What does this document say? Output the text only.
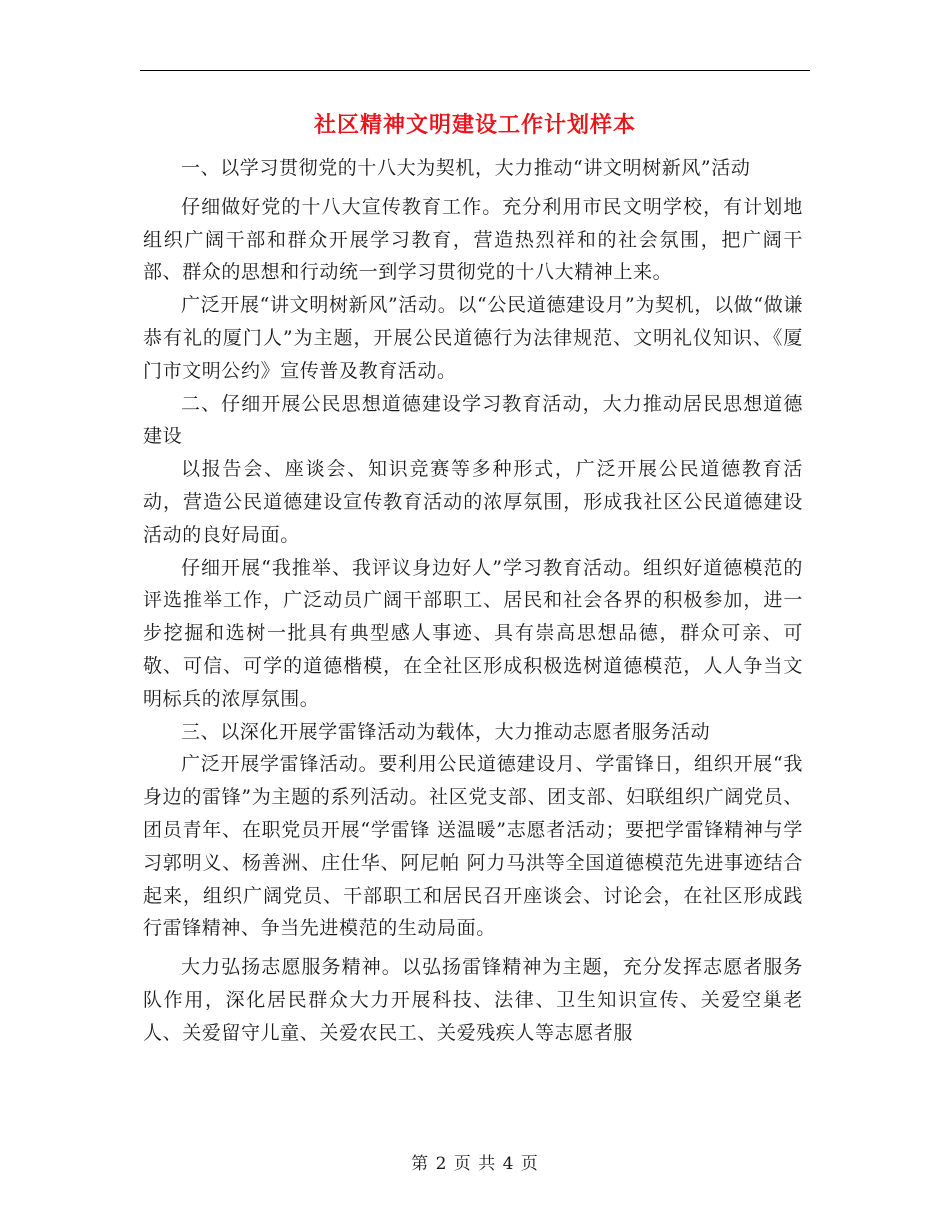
社区精神文明建设工作计划样本

一、以学习贯彻党的十八大为契机，大力推动“讲文明树新风”活动

仔细做好党的十八大宣传教育工作。充分利用市民文明学校，有计划地组织广阔干部和群众开展学习教育，营造热烈祥和的社会氛围，把广阔干部、群众的思想和行动统一到学习贯彻党的十八大精神上来。

广泛开展“讲文明树新风”活动。以“公民道德建设月”为契机，以做“做谦恭有礼的厦门人”为主题，开展公民道德行为法律规范、文明礼仪知识、《厦门市文明公约》宣传普及教育活动。

二、仔细开展公民思想道德建设学习教育活动，大力推动居民思想道德建设

以报告会、座谈会、知识竞赛等多种形式，广泛开展公民道德教育活动，营造公民道德建设宣传教育活动的浓厚氛围，形成我社区公民道德建设活动的良好局面。

仔细开展“我推举、我评议身边好人”学习教育活动。组织好道德模范的评选推举工作，广泛动员广阔干部职工、居民和社会各界的积极参加，进一步挖掘和选树一批具有典型感人事迹、具有崇高思想品德，群众可亲、可敬、可信、可学的道德楷模，在全社区形成积极选树道德模范，人人争当文明标兵的浓厚氛围。

三、以深化开展学雷锋活动为载体，大力推动志愿者服务活动

广泛开展学雷锋活动。要利用公民道德建设月、学雷锋日，组织开展“我身边的雷锋”为主题的系列活动。社区党支部、团支部、妇联组织广阔党员、团员青年、在职党员开展“学雷锋 送温暖”志愿者活动；要把学雷锋精神与学习郭明义、杨善洲、庄仕华、阿尼帕 阿力马洪等全国道德模范先进事迹结合起来，组织广阔党员、干部职工和居民召开座谈会、讨论会，在社区形成践行雷锋精神、争当先进模范的生动局面。

大力弘扬志愿服务精神。以弘扬雷锋精神为主题，充分发挥志愿者服务队作用，深化居民群众大力开展科技、法律、卫生知识宣传、关爱空巢老人、关爱留守儿童、关爱农民工、关爱残疾人等志愿者服

第 2 页 共 4 页
